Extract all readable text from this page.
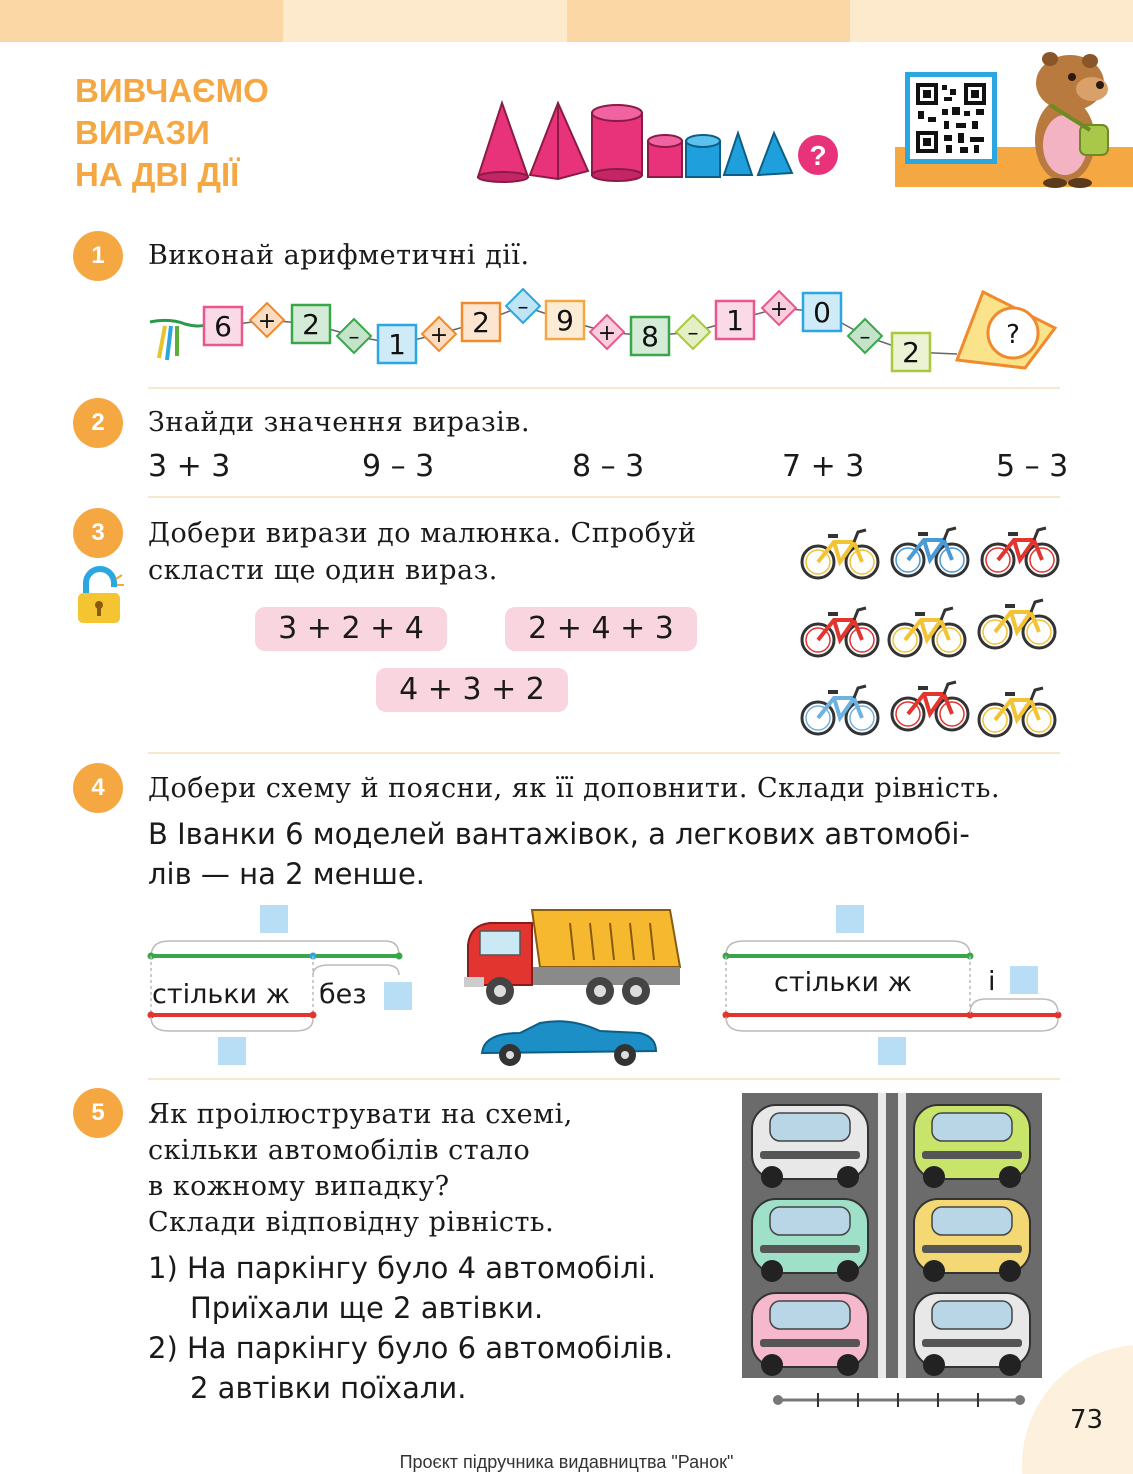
ВИВЧАЄМО
ВИРАЗИ
НА ДВІ ДІЇ
?
1	Виконай арифметичні дії.
6 + 2 – 1 + 2 – 9 + 8 – 1 + 0
– 2
?
2	Знайди значення виразів.
3 + 3	9 – 3	8 – 3	7 + 3	5 – 3
3	Добери вирази до малюнка. Спробуй
скласти ще один вираз.
3 + 2 + 4	2 + 4 + 3
4 + 3 + 2
4	Добери схему й поясни, як її доповнити. Склади рівність.
В Іванки 6 моделей вантажівок, а легкових автомобі-
лів — на 2 менше.
стільки ж без	стільки ж	і
5	Як проілюструвати на схемі,
скільки автомобілів стало
в кожному випадку?
Склади відповідну рівність.
1) На паркінгу було 4 автомобілі.
Приїхали ще 2 автівки.
2) На паркінгу було 6 автомобілів.
2 автівки поїхали.
73
Проєкт підручника видавництва "Ранок"
